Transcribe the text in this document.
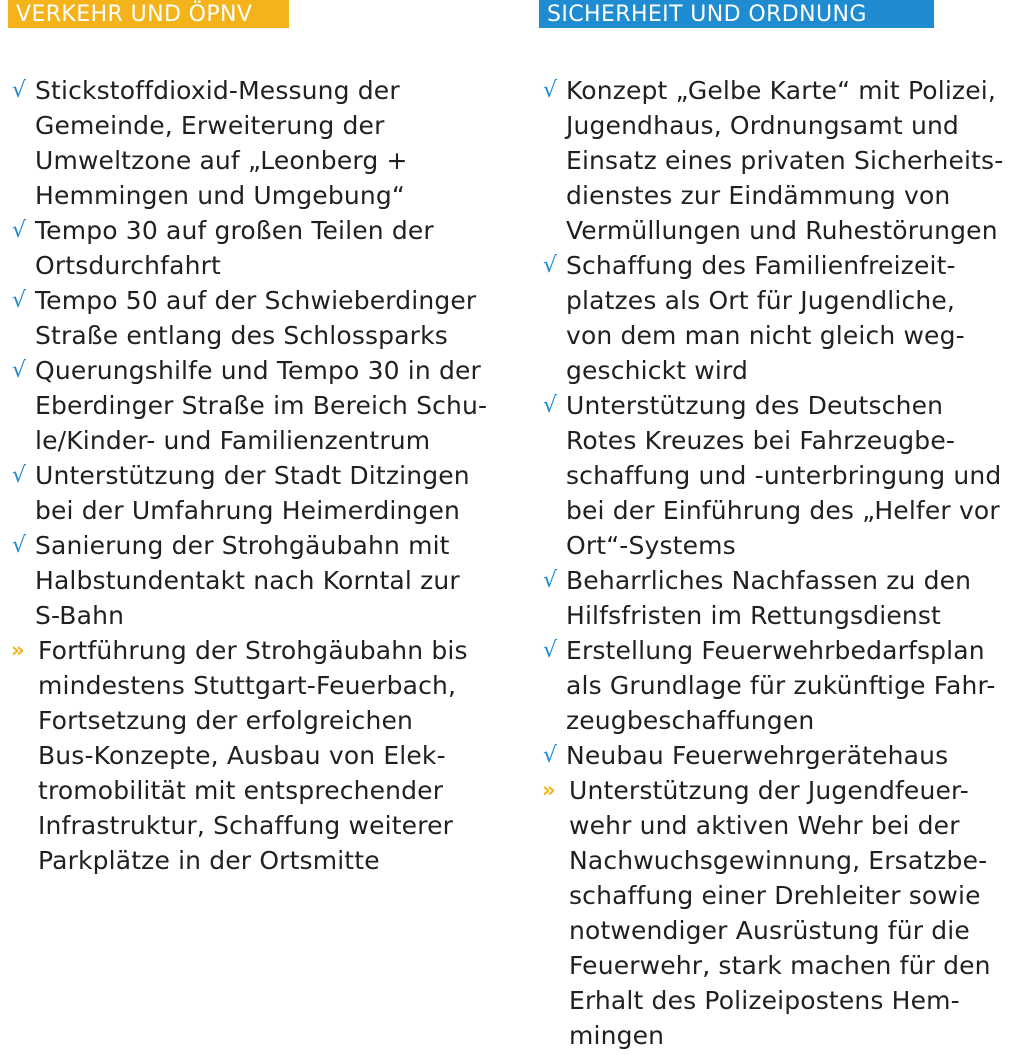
VERKEHR UND ÖPNV
√ Stickstoffdioxid-Messung der
Gemeinde, Erweiterung der
Umweltzone auf „Leonberg +
Hemmingen und Umgebung“
√ Tempo 30 auf großen Teilen der
Ortsdurchfahrt
√ Tempo 50 auf der Schwieberdinger
Straße entlang des Schlossparks
√ Querungshilfe und Tempo 30 in der
Eberdinger Straße im Bereich Schu-
le/Kinder- und Familienzentrum
√ Unterstützung der Stadt Ditzingen
bei der Umfahrung Heimerdingen
√ Sanierung der Strohgäubahn mit
Halbstundentakt nach Korntal zur
S-Bahn
» Fortführung der Strohgäubahn bis
mindestens Stuttgart-Feuerbach,
Fortsetzung der erfolgreichen
Bus-Konzepte, Ausbau von Elek-
tromobilität mit entsprechender
Infrastruktur, Schaffung weiterer
Parkplätze in der Ortsmitte
SICHERHEIT UND ORDNUNG
√ Konzept „Gelbe Karte“ mit Polizei,
Jugendhaus, Ordnungsamt und
Einsatz eines privaten Sicherheits-
dienstes zur Eindämmung von
Vermüllungen und Ruhestörungen
√ Schaffung des Familienfreizeit-
platzes als Ort für Jugendliche,
von dem man nicht gleich weg-
geschickt wird
√ Unterstützung des Deutschen
Rotes Kreuzes bei Fahrzeugbe-
schaffung und -unterbringung und
bei der Einführung des „Helfer vor
Ort“-Systems
√ Beharrliches Nachfassen zu den
Hilfsfristen im Rettungsdienst
√ Erstellung Feuerwehrbedarfsplan
als Grundlage für zukünftige Fahr-
zeugbeschaffungen
√ Neubau Feuerwehrgerätehaus
» Unterstützung der Jugendfeuer-
wehr und aktiven Wehr bei der
Nachwuchsgewinnung, Ersatzbe-
schaffung einer Drehleiter sowie
notwendiger Ausrüstung für die
Feuerwehr, stark machen für den
Erhalt des Polizeipostens Hem-
mingen
